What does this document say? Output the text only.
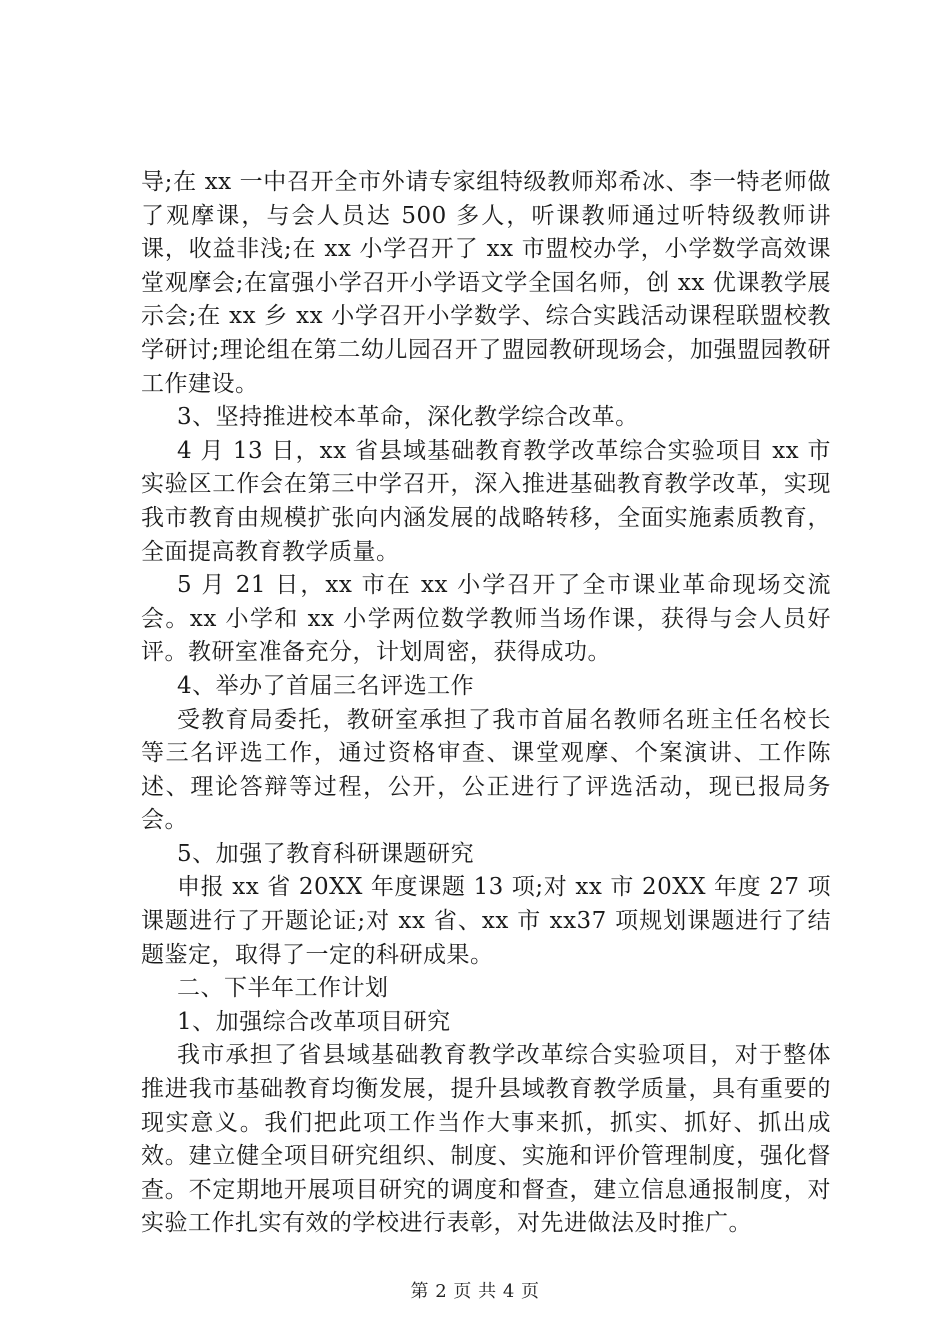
导;在 xx 一中召开全市外请专家组特级教师郑希冰、李一特老师做了观摩课，与会人员达 500 多人，听课教师通过听特级教师讲课，收益非浅;在 xx 小学召开了 xx 市盟校办学，小学数学高效课堂观摩会;在富强小学召开小学语文学全国名师，创 xx 优课教学展示会;在 xx 乡 xx 小学召开小学数学、综合实践活动课程联盟校教学研讨;理论组在第二幼儿园召开了盟园教研现场会，加强盟园教研工作建设。

3、坚持推进校本革命，深化教学综合改革。

4 月 13 日，xx 省县域基础教育教学改革综合实验项目 xx 市实验区工作会在第三中学召开，深入推进基础教育教学改革，实现我市教育由规模扩张向内涵发展的战略转移，全面实施素质教育，全面提高教育教学质量。

5 月 21 日，xx 市在 xx 小学召开了全市课业革命现场交流会。xx 小学和 xx 小学两位数学教师当场作课，获得与会人员好评。教研室准备充分，计划周密，获得成功。

4、举办了首届三名评选工作

受教育局委托，教研室承担了我市首届名教师名班主任名校长等三名评选工作，通过资格审查、课堂观摩、个案演讲、工作陈述、理论答辩等过程，公开，公正进行了评选活动，现已报局务会。

5、加强了教育科研课题研究

申报 xx 省 20XX 年度课题 13 项;对 xx 市 20XX 年度 27 项课题进行了开题论证;对 xx 省、xx 市 xx37 项规划课题进行了结题鉴定，取得了一定的科研成果。

二、下半年工作计划

1、加强综合改革项目研究

我市承担了省县域基础教育教学改革综合实验项目，对于整体推进我市基础教育均衡发展，提升县域教育教学质量，具有重要的现实意义。我们把此项工作当作大事来抓，抓实、抓好、抓出成效。建立健全项目研究组织、制度、实施和评价管理制度，强化督查。不定期地开展项目研究的调度和督查，建立信息通报制度，对实验工作扎实有效的学校进行表彰，对先进做法及时推广。

第 2 页 共 4 页
